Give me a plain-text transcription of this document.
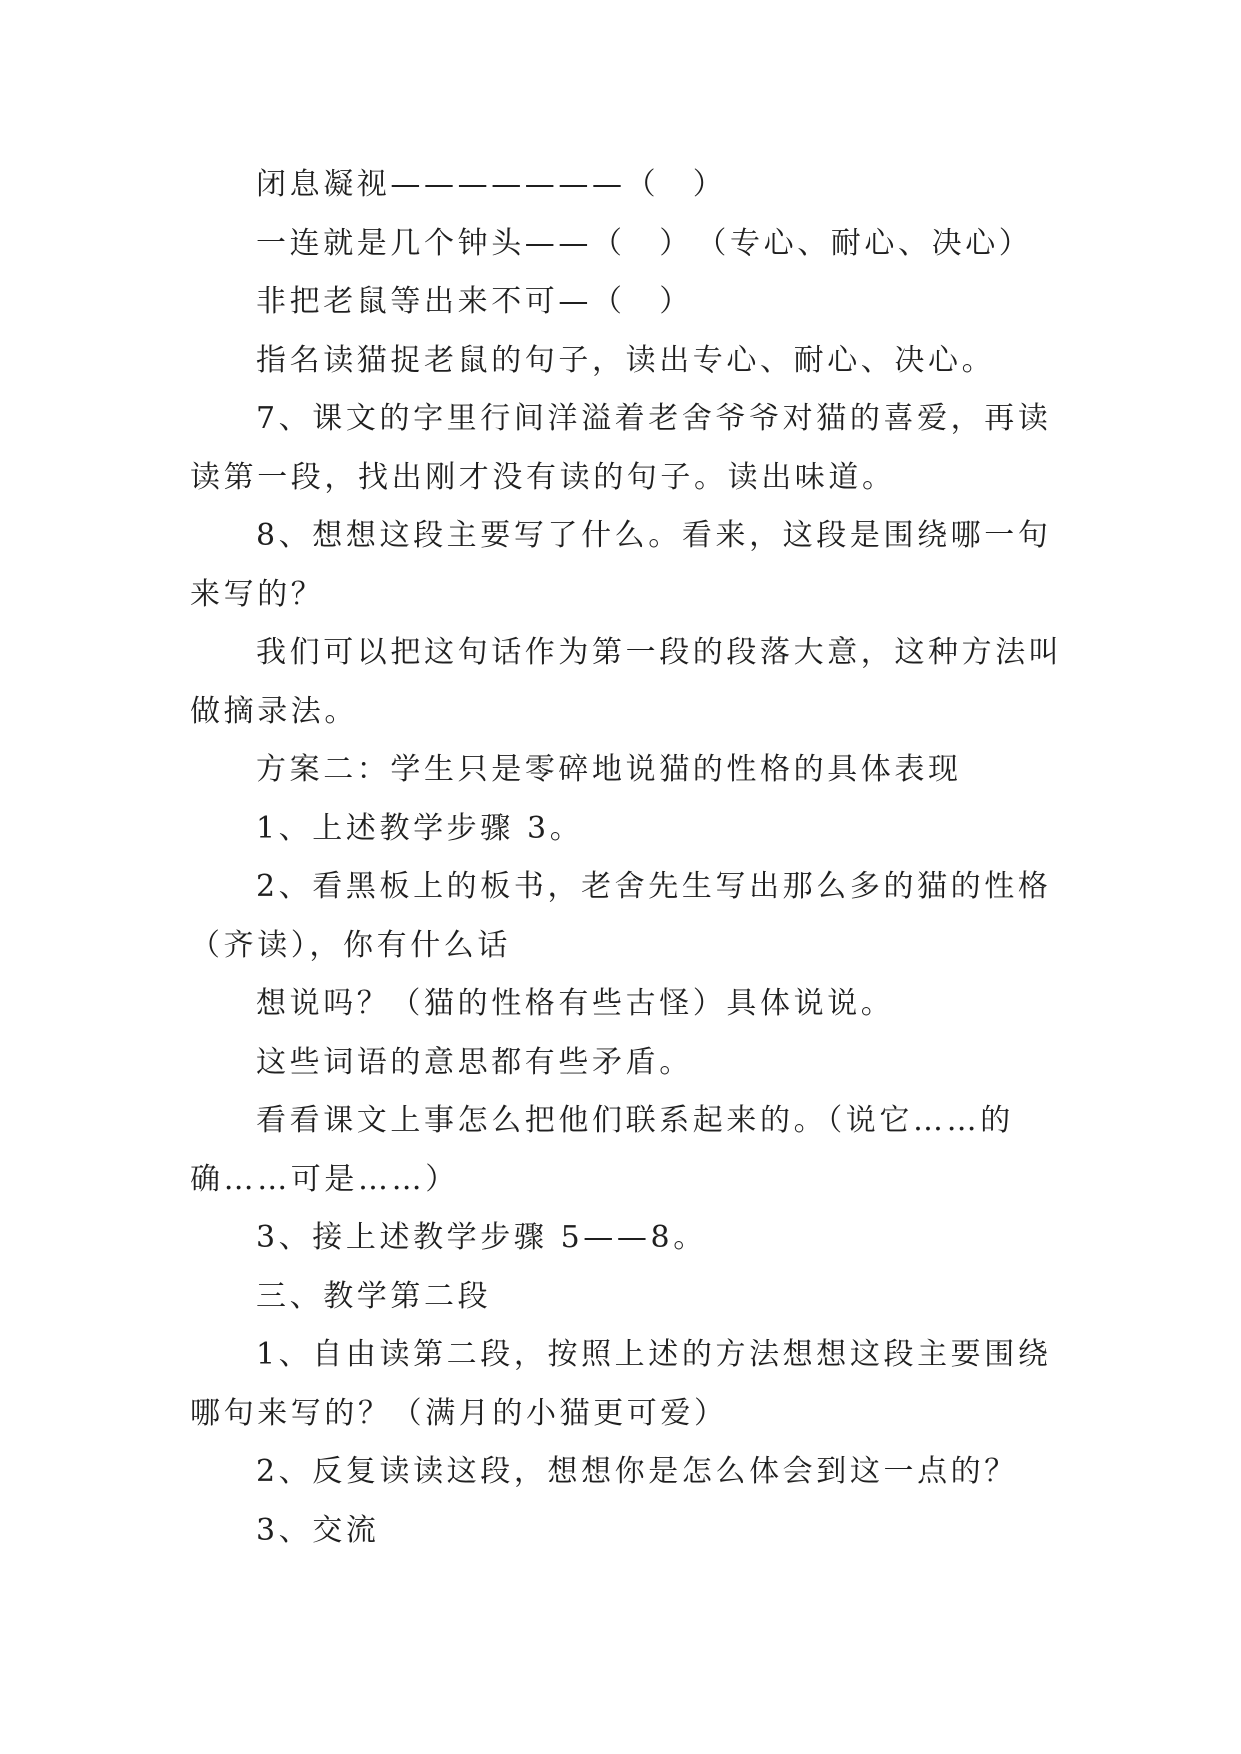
闭息凝视———————（　）
一连就是几个钟头——（　）　（专心、耐心、决心）
非把老鼠等出来不可—（　）
指名读猫捉老鼠的句子，读出专心、耐心、决心。
7、课文的字里行间洋溢着老舍爷爷对猫的喜爱，再读
读第一段，找出刚才没有读的句子。读出味道。
8、想想这段主要写了什么。看来，这段是围绕哪一句
来写的？
我们可以把这句话作为第一段的段落大意，这种方法叫
做摘录法。
方案二：学生只是零碎地说猫的性格的具体表现
1、上述教学步骤 3。
2、看黑板上的板书，老舍先生写出那么多的猫的性格
（齐读），你有什么话
想说吗？（猫的性格有些古怪）具体说说。
这些词语的意思都有些矛盾。
看看课文上事怎么把他们联系起来的。（说它……的
确……可是……）
3、接上述教学步骤 5——8。
三、教学第二段
1、自由读第二段，按照上述的方法想想这段主要围绕
哪句来写的？（满月的小猫更可爱）
2、反复读读这段，想想你是怎么体会到这一点的？
3、交流
